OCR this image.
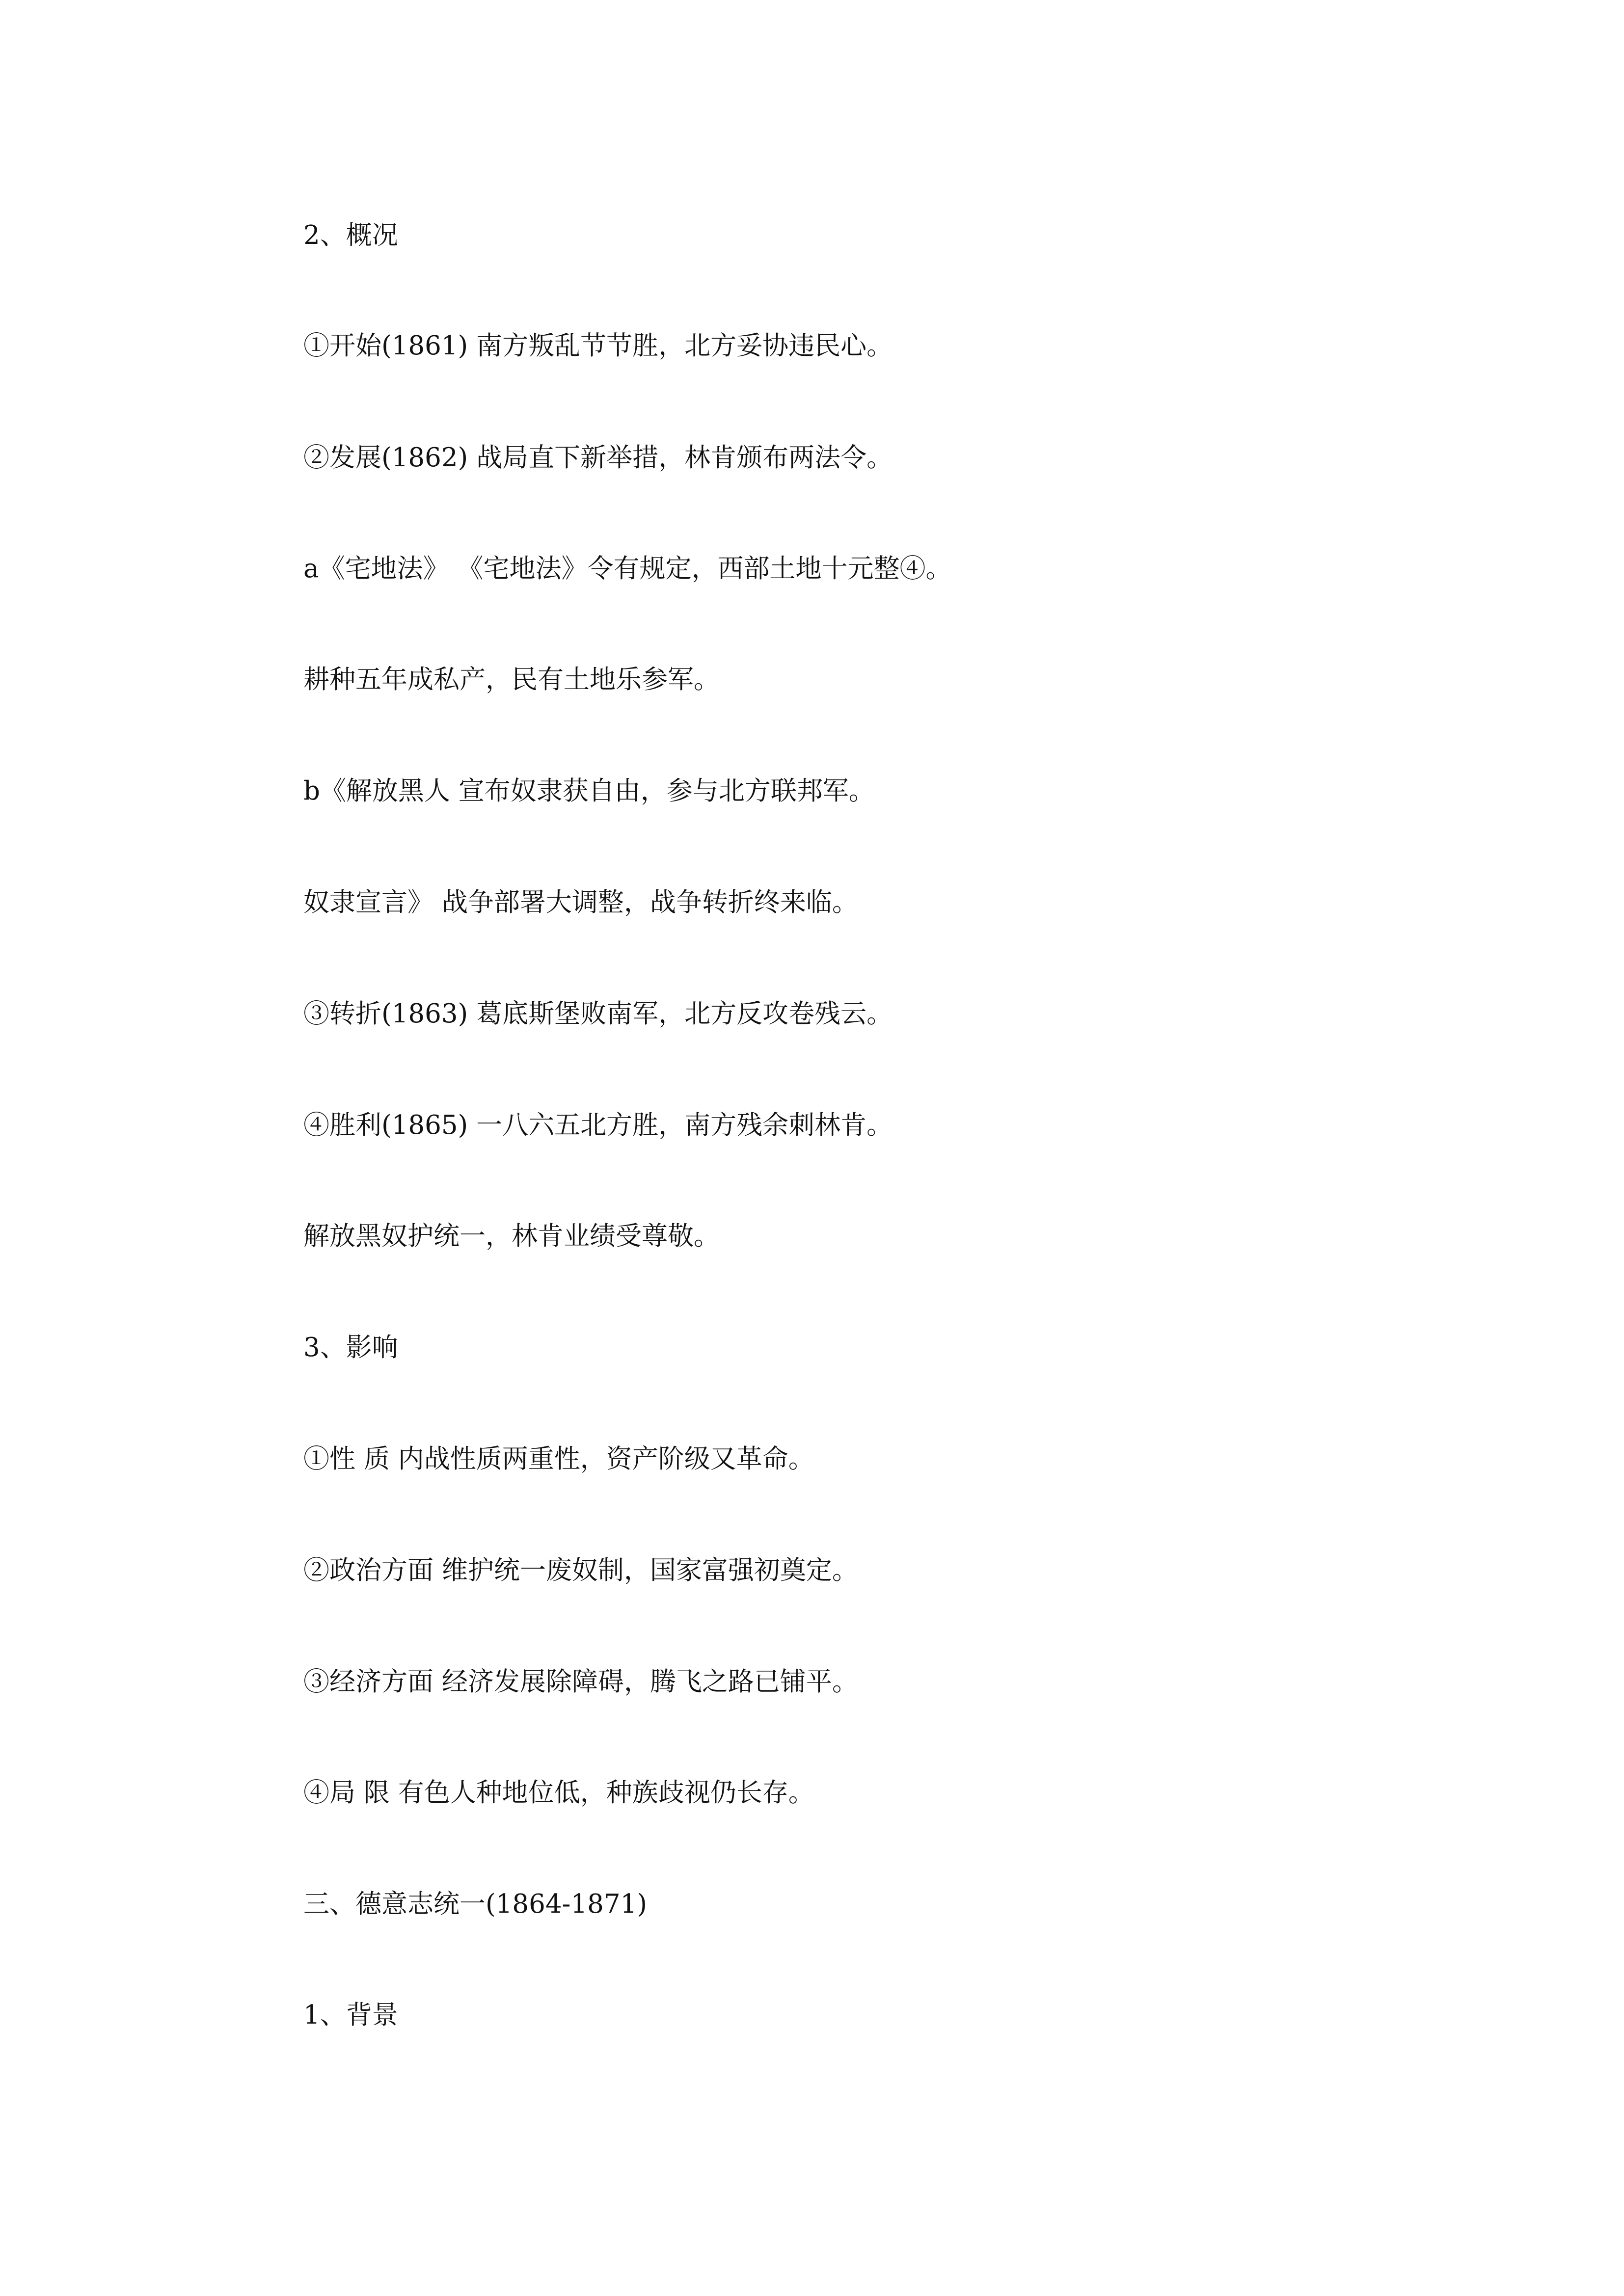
2、概况

①开始(1861) 南方叛乱节节胜，北方妥协违民心。

②发展(1862) 战局直下新举措，林肯颁布两法令。

a《宅地法》 《宅地法》令有规定，西部土地十元整④。

耕种五年成私产，民有土地乐参军。

b《解放黑人 宣布奴隶获自由，参与北方联邦军。

奴隶宣言》 战争部署大调整，战争转折终来临。

③转折(1863) 葛底斯堡败南军，北方反攻卷残云。

④胜利(1865) 一八六五北方胜，南方残余刺林肯。

解放黑奴护统一，林肯业绩受尊敬。

3、影响

①性 质 内战性质两重性，资产阶级又革命。

②政治方面 维护统一废奴制，国家富强初奠定。

③经济方面 经济发展除障碍，腾飞之路已铺平。

④局 限 有色人种地位低，种族歧视仍长存。

三、德意志统一(1864-1871)

1、背景
